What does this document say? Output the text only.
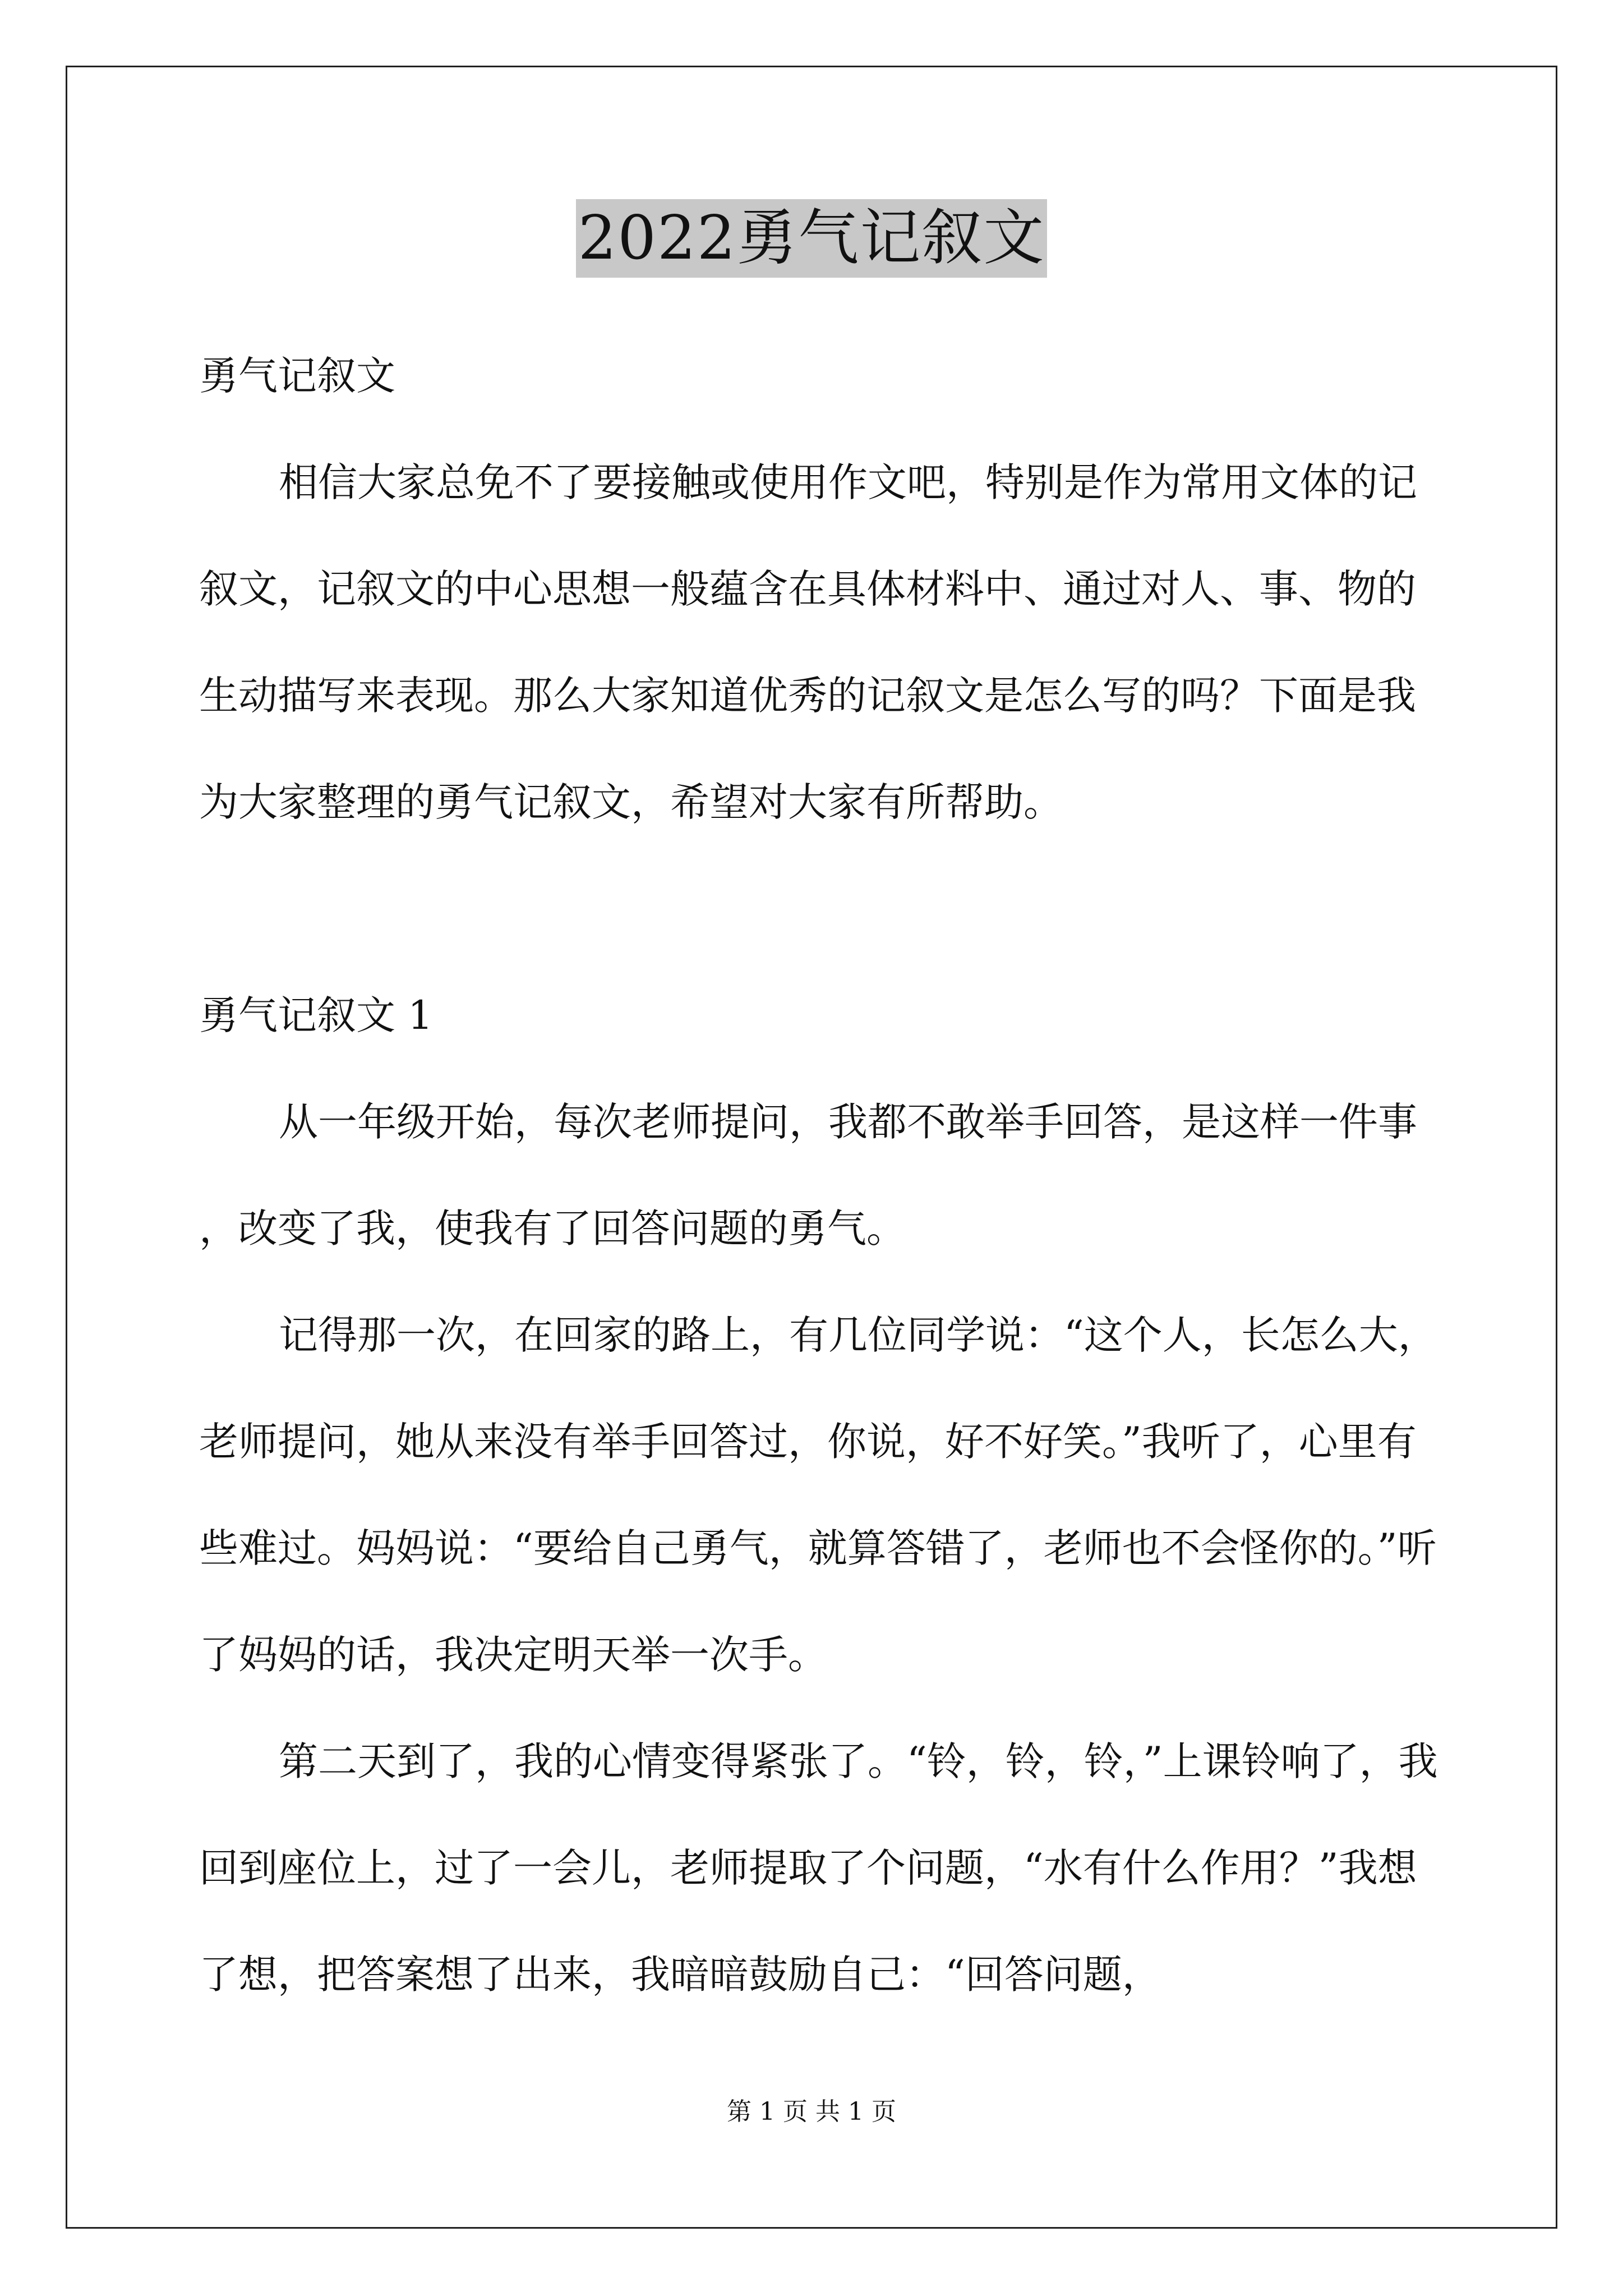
2022勇气记叙文

勇气记叙文

相信大家总免不了要接触或使用作文吧，特别是作为常用文体的记叙文，记叙文的中心思想一般蕴含在具体材料中、通过对人、事、物的生动描写来表现。那么大家知道优秀的记叙文是怎么写的吗？下面是我为大家整理的勇气记叙文，希望对大家有所帮助。

勇气记叙文 1

从一年级开始，每次老师提问，我都不敢举手回答，是这样一件事 ，改变了我，使我有了回答问题的勇气。

记得那一次，在回家的路上，有几位同学说：“这个人，长怎么大，老师提问，她从来没有举手回答过，你说，好不好笑。”我听了，心里有些难过。妈妈说：“要给自己勇气，就算答错了，老师也不会怪你的。”听了妈妈的话，我决定明天举一次手。

第二天到了，我的心情变得紧张了。“铃，铃，铃，”上课铃响了，我回到座位上，过了一会儿，老师提取了个问题，“水有什么作用？”我想了想，把答案想了出来，我暗暗鼓励自己：“回答问题，

第 1 页 共 1 页
